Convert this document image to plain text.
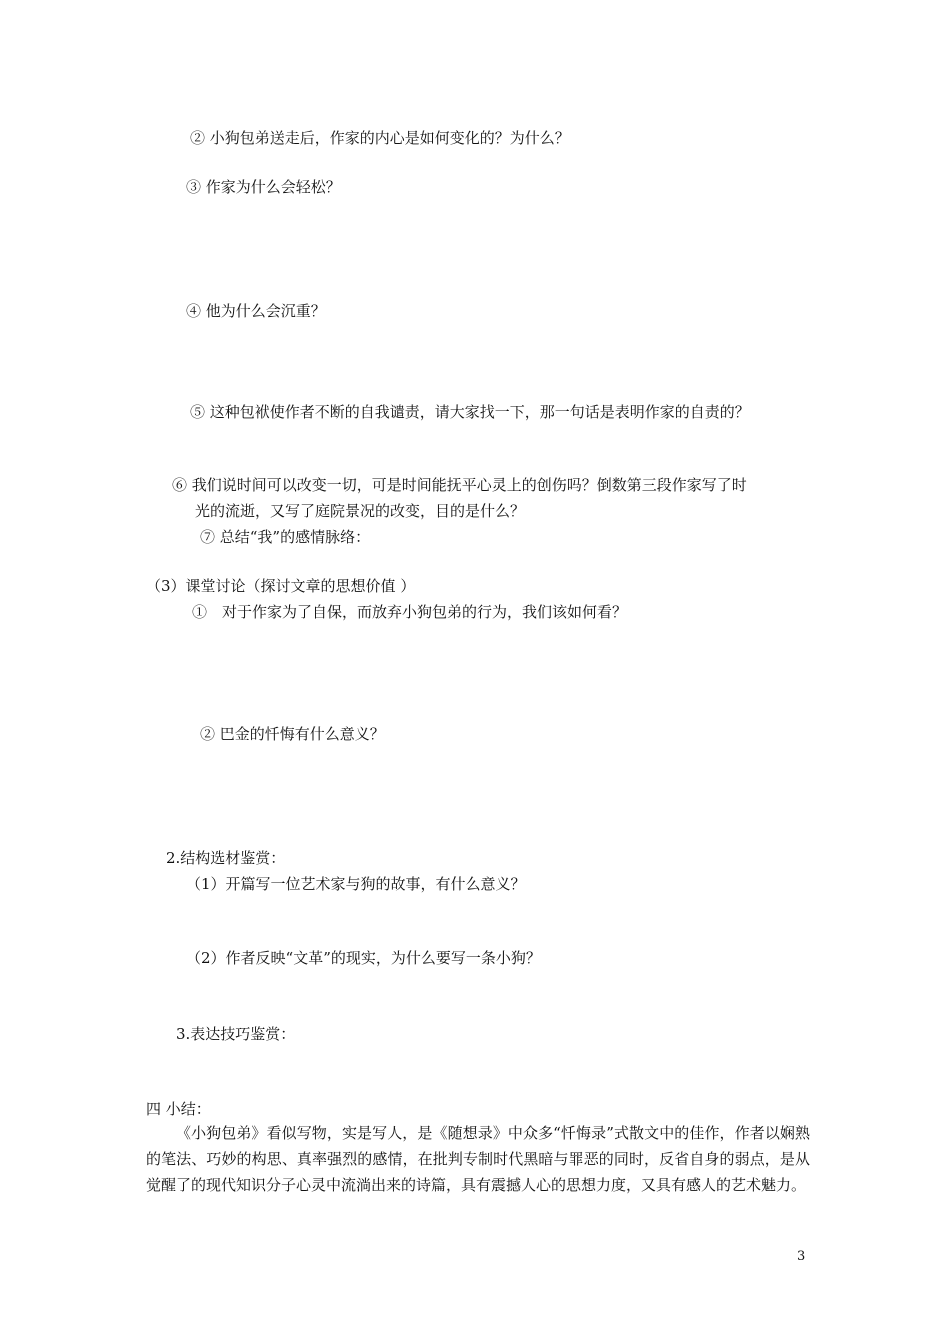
② 小狗包弟送走后，作家的内心是如何变化的？为什么？

③ 作家为什么会轻松？

④ 他为什么会沉重？

⑤ 这种包袱使作者不断的自我谴责，请大家找一下，那一句话是表明作家的自责的？

⑥ 我们说时间可以改变一切，可是时间能抚平心灵上的创伤吗？倒数第三段作家写了时

光的流逝，又写了庭院景况的改变，目的是什么？

⑦ 总结“我”的感情脉络：

（3）课堂讨论（探讨文章的思想价值 ）

①　对于作家为了自保，而放弃小狗包弟的行为，我们该如何看？

② 巴金的忏悔有什么意义？

2.结构选材鉴赏：

（1）开篇写一位艺术家与狗的故事，有什么意义？

（2）作者反映“文革”的现实，为什么要写一条小狗？

3.表达技巧鉴赏：

四 小结：

《小狗包弟》看似写物，实是写人，是《随想录》中众多“忏悔录”式散文中的佳作，作者以娴熟的笔法、巧妙的构思、真率强烈的感情，在批判专制时代黑暗与罪恶的同时，反省自身的弱点，是从觉醒了的现代知识分子心灵中流淌出来的诗篇，具有震撼人心的思想力度，又具有感人的艺术魅力。

3
